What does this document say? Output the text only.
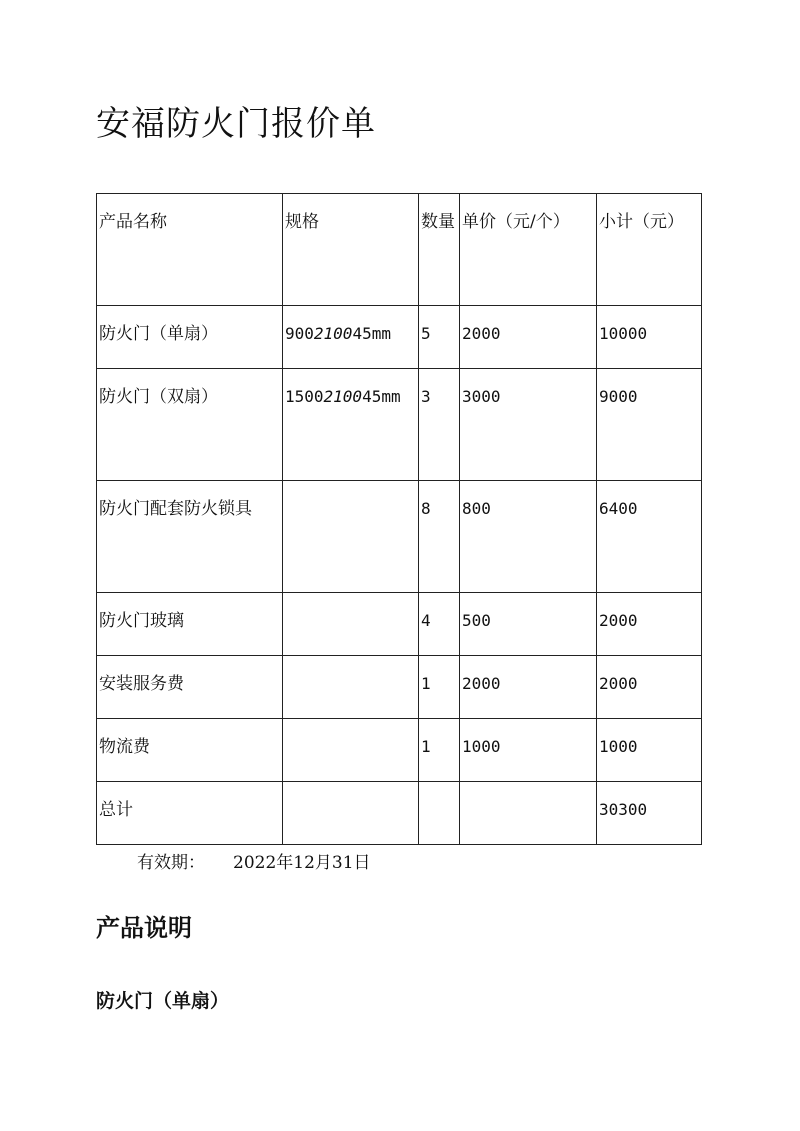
安福防火门报价单
产品名称	规格	数量	单价（元/个）	小计（元）
防火门（单扇）	900210045mm	5	2000	10000
防火门（双扇）	1500210045mm	3	3000	9000
防火门配套防火锁具		8	800	6400
防火门玻璃		4	500	2000
安装服务费		1	2000	2000
物流费		1	1000	1000
总计				30300
有效期： 2022年12月31日
产品说明
防火门（单扇）
